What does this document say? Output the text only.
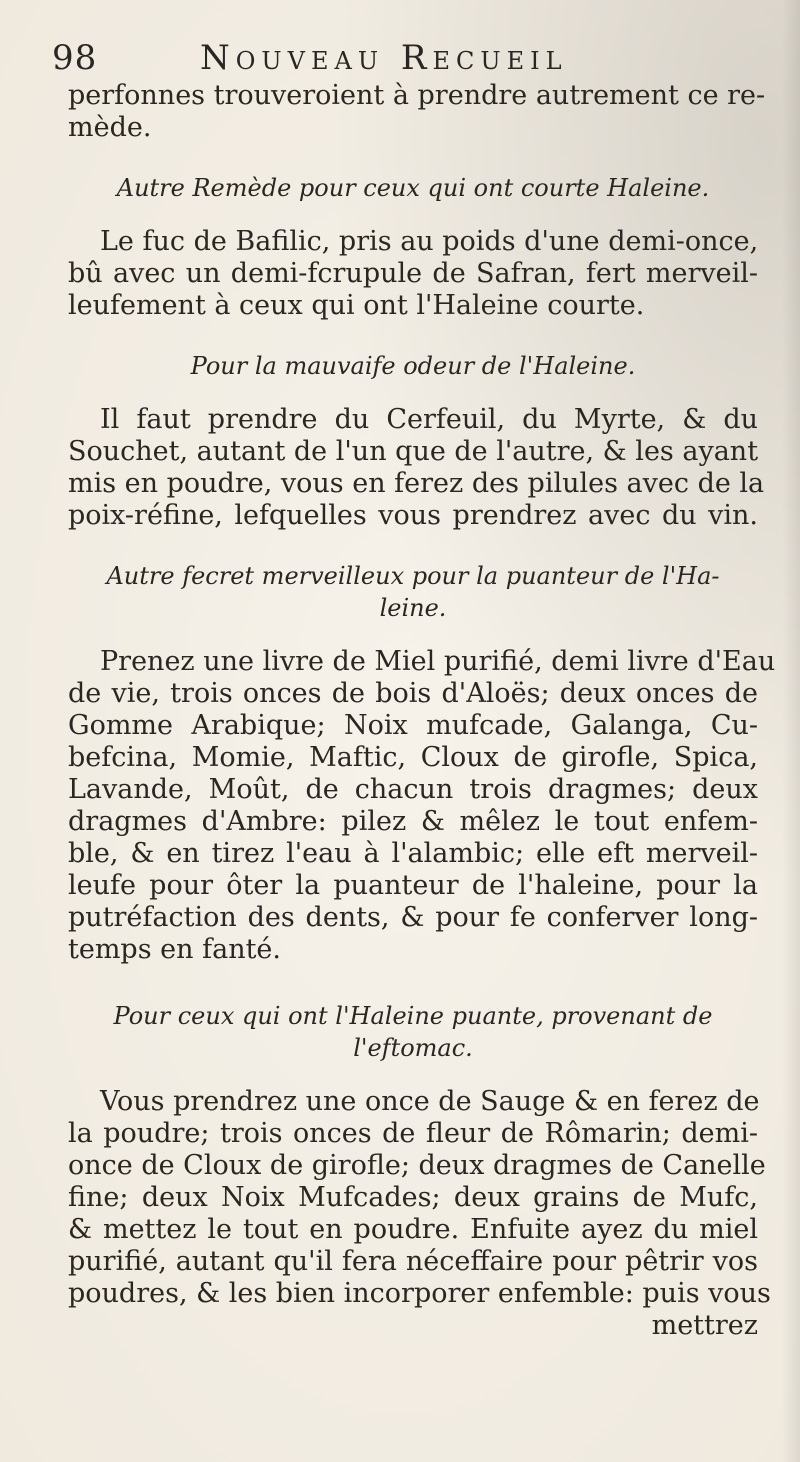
98	Nouveau Recueil
perfonnes trouveroient à prendre autrement ce re-
mède.
Autre Remède pour ceux qui ont courte Haleine.
Le fuc de Bafilic, pris au poids d'une demi-once,
bû avec un demi-fcrupule de Safran, fert merveil-
leufement à ceux qui ont l'Haleine courte.
Pour la mauvaife odeur de l'Haleine.
Il faut prendre du Cerfeuil, du Myrte, & du
Souchet, autant de l'un que de l'autre, & les ayant
mis en poudre, vous en ferez des pilules avec de la
poix-réfine, lefquelles vous prendrez avec du vin.
Autre fecret merveilleux pour la puanteur de l'Ha-
leine.
Prenez une livre de Miel purifié, demi livre d'Eau
de vie, trois onces de bois d'Aloës; deux onces de
Gomme Arabique; Noix mufcade, Galanga, Cu-
befcina, Momie, Maftic, Cloux de girofle, Spica,
Lavande, Moût, de chacun trois dragmes; deux
dragmes d'Ambre: pilez & mêlez le tout enfem-
ble, & en tirez l'eau à l'alambic; elle eft merveil-
leufe pour ôter la puanteur de l'haleine, pour la
putréfaction des dents, & pour fe conferver long-
temps en fanté.
Pour ceux qui ont l'Haleine puante, provenant de
l'eftomac.
Vous prendrez une once de Sauge & en ferez de
la poudre; trois onces de fleur de Rômarin; demi-
once de Cloux de girofle; deux dragmes de Canelle
fine; deux Noix Mufcades; deux grains de Mufc,
& mettez le tout en poudre. Enfuite ayez du miel
purifié, autant qu'il fera néceffaire pour pêtrir vos
poudres, & les bien incorporer enfemble: puis vous
mettrez
